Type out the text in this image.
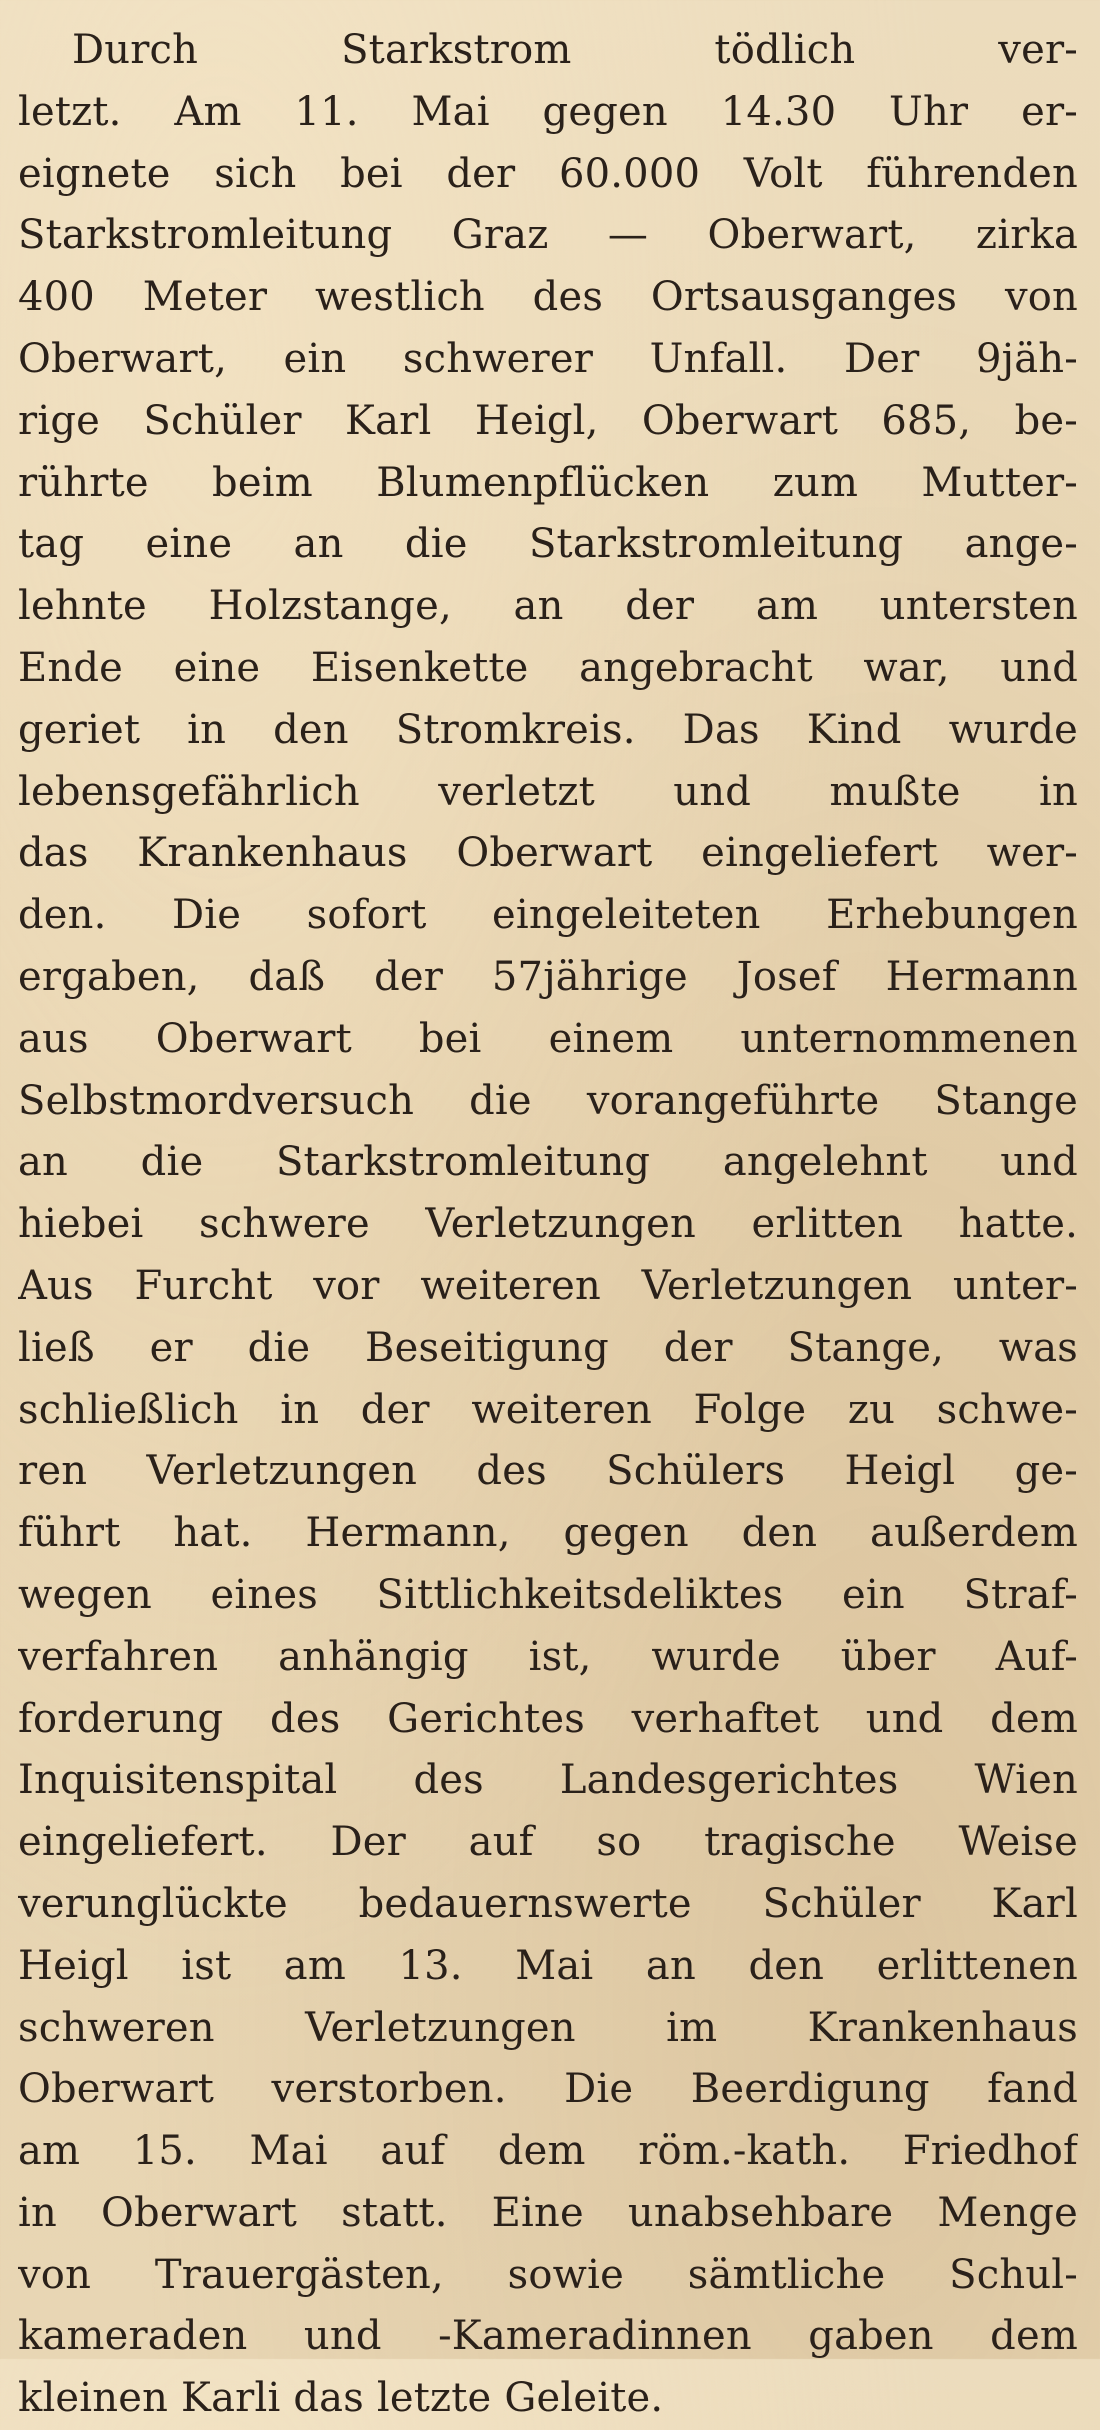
Durch Starkstrom tödlich ver-
letzt. Am 11. Mai gegen 14.30 Uhr er-
eignete sich bei der 60.000 Volt führenden
Starkstromleitung Graz — Oberwart, zirka
400 Meter westlich des Ortsausganges von
Oberwart, ein schwerer Unfall. Der 9jäh-
rige Schüler Karl Heigl, Oberwart 685, be-
rührte beim Blumenpflücken zum Mutter-
tag eine an die Starkstromleitung ange-
lehnte Holzstange, an der am untersten
Ende eine Eisenkette angebracht war, und
geriet in den Stromkreis. Das Kind wurde
lebensgefährlich verletzt und mußte in
das Krankenhaus Oberwart eingeliefert wer-
den. Die sofort eingeleiteten Erhebungen
ergaben, daß der 57jährige Josef Hermann
aus Oberwart bei einem unternommenen
Selbstmordversuch die vorangeführte Stange
an die Starkstromleitung angelehnt und
hiebei schwere Verletzungen erlitten hatte.
Aus Furcht vor weiteren Verletzungen unter-
ließ er die Beseitigung der Stange, was
schließlich in der weiteren Folge zu schwe-
ren Verletzungen des Schülers Heigl ge-
führt hat. Hermann, gegen den außerdem
wegen eines Sittlichkeitsdeliktes ein Straf-
verfahren anhängig ist, wurde über Auf-
forderung des Gerichtes verhaftet und dem
Inquisitenspital des Landesgerichtes Wien
eingeliefert. Der auf so tragische Weise
verunglückte bedauernswerte Schüler Karl
Heigl ist am 13. Mai an den erlittenen
schweren Verletzungen im Krankenhaus
Oberwart verstorben. Die Beerdigung fand
am 15. Mai auf dem röm.-kath. Friedhof
in Oberwart statt. Eine unabsehbare Menge
von Trauergästen, sowie sämtliche Schul-
kameraden und -Kameradinnen gaben dem
kleinen Karli das letzte Geleite.
